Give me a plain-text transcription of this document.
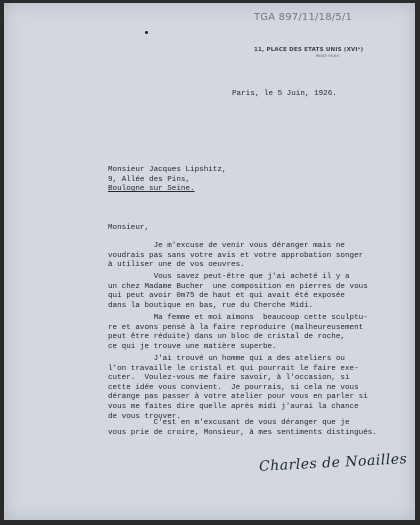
TGA 897/11/18/5/1
11, PLACE DES ETATS UNIS (XVIᵉ)
PASSY 56-60
Paris, le 5 Juin, 1926.
Monsieur Jacques Lipshitz,
9, Allée des Pins,
Boulogne sur Seine.
Monsieur,
Je m'excuse de venir vous déranger mais ne
voudrais pas sans votre avis et votre approbation songer
à utiliser une de vos oeuvres.
Vous savez peut-être que j'ai acheté il y a
un chez Madame Bucher  une composition en pierres de vous
qui peut avoir 0m75 de haut et qui avait été exposée
dans la boutique en bas, rue du Cherche Midi.
Ma femme et moi aimons  beaucoup cette sculptu-
re et avons pensé à la faire reproduire (malheureusement
peut être réduite) dans un bloc de cristal de roche,
ce qui je trouve une matière superbe.
J'ai trouvé un homme qui a des ateliers ou
l'on travaille le cristal et qui pourrait le faire exe-
cuter.  Voulez-vous me faire savoir, à l'occasion, si
cette idée vous convient.  Je pourrais, si cela ne vous
dérange pas passer à votre atelier pour vous en parler si
vous me faites dire quelle après midi j'aurai la chance
de vous trouver.
C'est en m'excusant de vous déranger que je
vous prie de croire, Monsieur, à mes sentiments distingués.
Charles de Noailles
